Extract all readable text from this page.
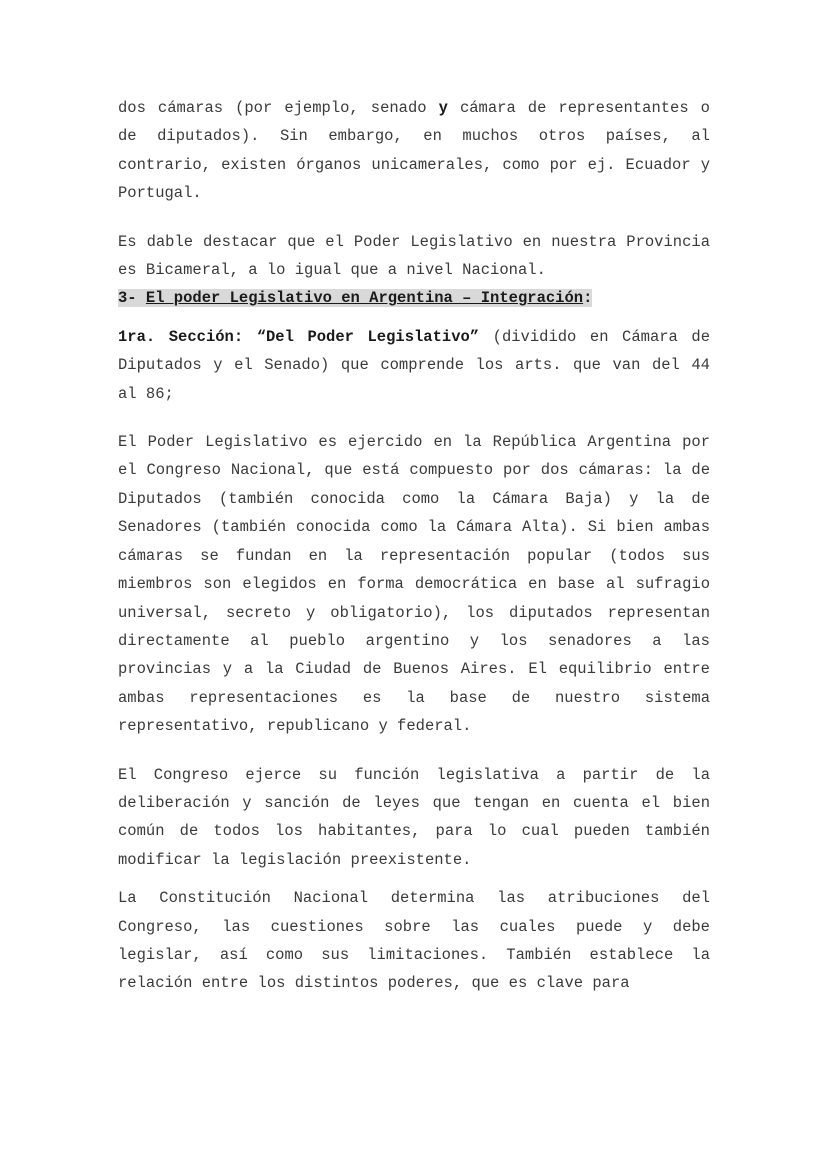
dos cámaras (por ejemplo, senado y cámara de representantes o de diputados). Sin embargo, en muchos otros países, al contrario, existen órganos unicamerales, como por ej. Ecuador y Portugal.

Es dable destacar que el Poder Legislativo en nuestra Provincia es Bicameral, a lo igual que a nivel Nacional.

3- El poder Legislativo en Argentina – Integración:

1ra. Sección: “Del Poder Legislativo” (dividido en Cámara de Diputados y el Senado) que comprende los arts. que van del 44 al 86;

El Poder Legislativo es ejercido en la República Argentina por el Congreso Nacional, que está compuesto por dos cámaras: la de Diputados (también conocida como la Cámara Baja) y la de Senadores (también conocida como la Cámara Alta). Si bien ambas cámaras se fundan en la representación popular (todos sus miembros son elegidos en forma democrática en base al sufragio universal, secreto y obligatorio), los diputados representan directamente al pueblo argentino y los senadores a las provincias y a la Ciudad de Buenos Aires. El equilibrio entre ambas representaciones es la base de nuestro sistema representativo, republicano y federal.

El Congreso ejerce su función legislativa a partir de la deliberación y sanción de leyes que tengan en cuenta el bien común de todos los habitantes, para lo cual pueden también modificar la legislación preexistente.

La Constitución Nacional determina las atribuciones del Congreso, las cuestiones sobre las cuales puede y debe legislar, así como sus limitaciones. También establece la relación entre los distintos poderes, que es clave para
